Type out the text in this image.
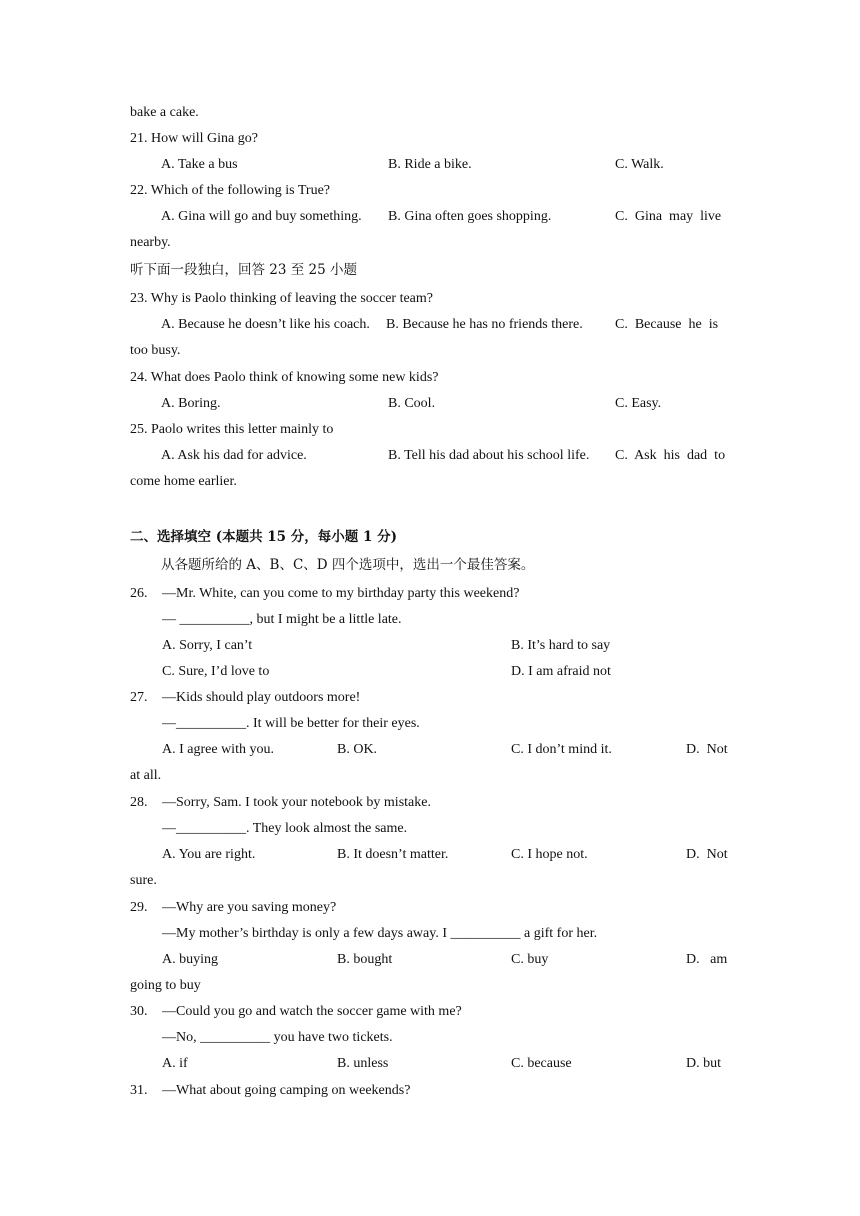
bake a cake.
21. How will Gina go?
A. Take a bus	B. Ride a bike.	C. Walk.
22. Which of the following is True?
A. Gina will go and buy something. B. Gina often goes shopping.	C.  Gina  may  live
nearby.
听下面一段独白，回答 23 至 25 小题
23. Why is Paolo thinking of leaving the soccer team?
A. Because he doesn’t like his coach. B. Because he has no friends there. C.  Because  he  is
too busy.
24. What does Paolo think of knowing some new kids?
A. Boring.	B. Cool.	C. Easy.
25. Paolo writes this letter mainly to
A. Ask his dad for advice.	B. Tell his dad about his school life. C.  Ask  his  dad  to
come home earlier.
二、选择填空 (本题共 15 分，每小题 1 分)
从各题所给的 A、B、C、D 四个选项中，选出一个最佳答案。
26. —Mr. White, can you come to my birthday party this weekend?
— __________, but I might be a little late.
A. Sorry, I can’t	B. It’s hard to say
C. Sure, I’d love to	D. I am afraid not
27. —Kids should play outdoors more!
—__________. It will be better for their eyes.
A. I agree with you.	B. OK.	C. I don’t mind it.	D.  Not
at all.
28. —Sorry, Sam. I took your notebook by mistake.
—__________. They look almost the same.
A. You are right.	B. It doesn’t matter.	C. I hope not.	D.  Not
sure.
29. —Why are you saving money?
—My mother’s birthday is only a few days away. I __________ a gift for her.
A. buying	B. bought	C. buy	D.   am
going to buy
30. —Could you go and watch the soccer game with me?
—No, __________ you have two tickets.
A. if	B. unless	C. because	D. but
31. —What about going camping on weekends?
